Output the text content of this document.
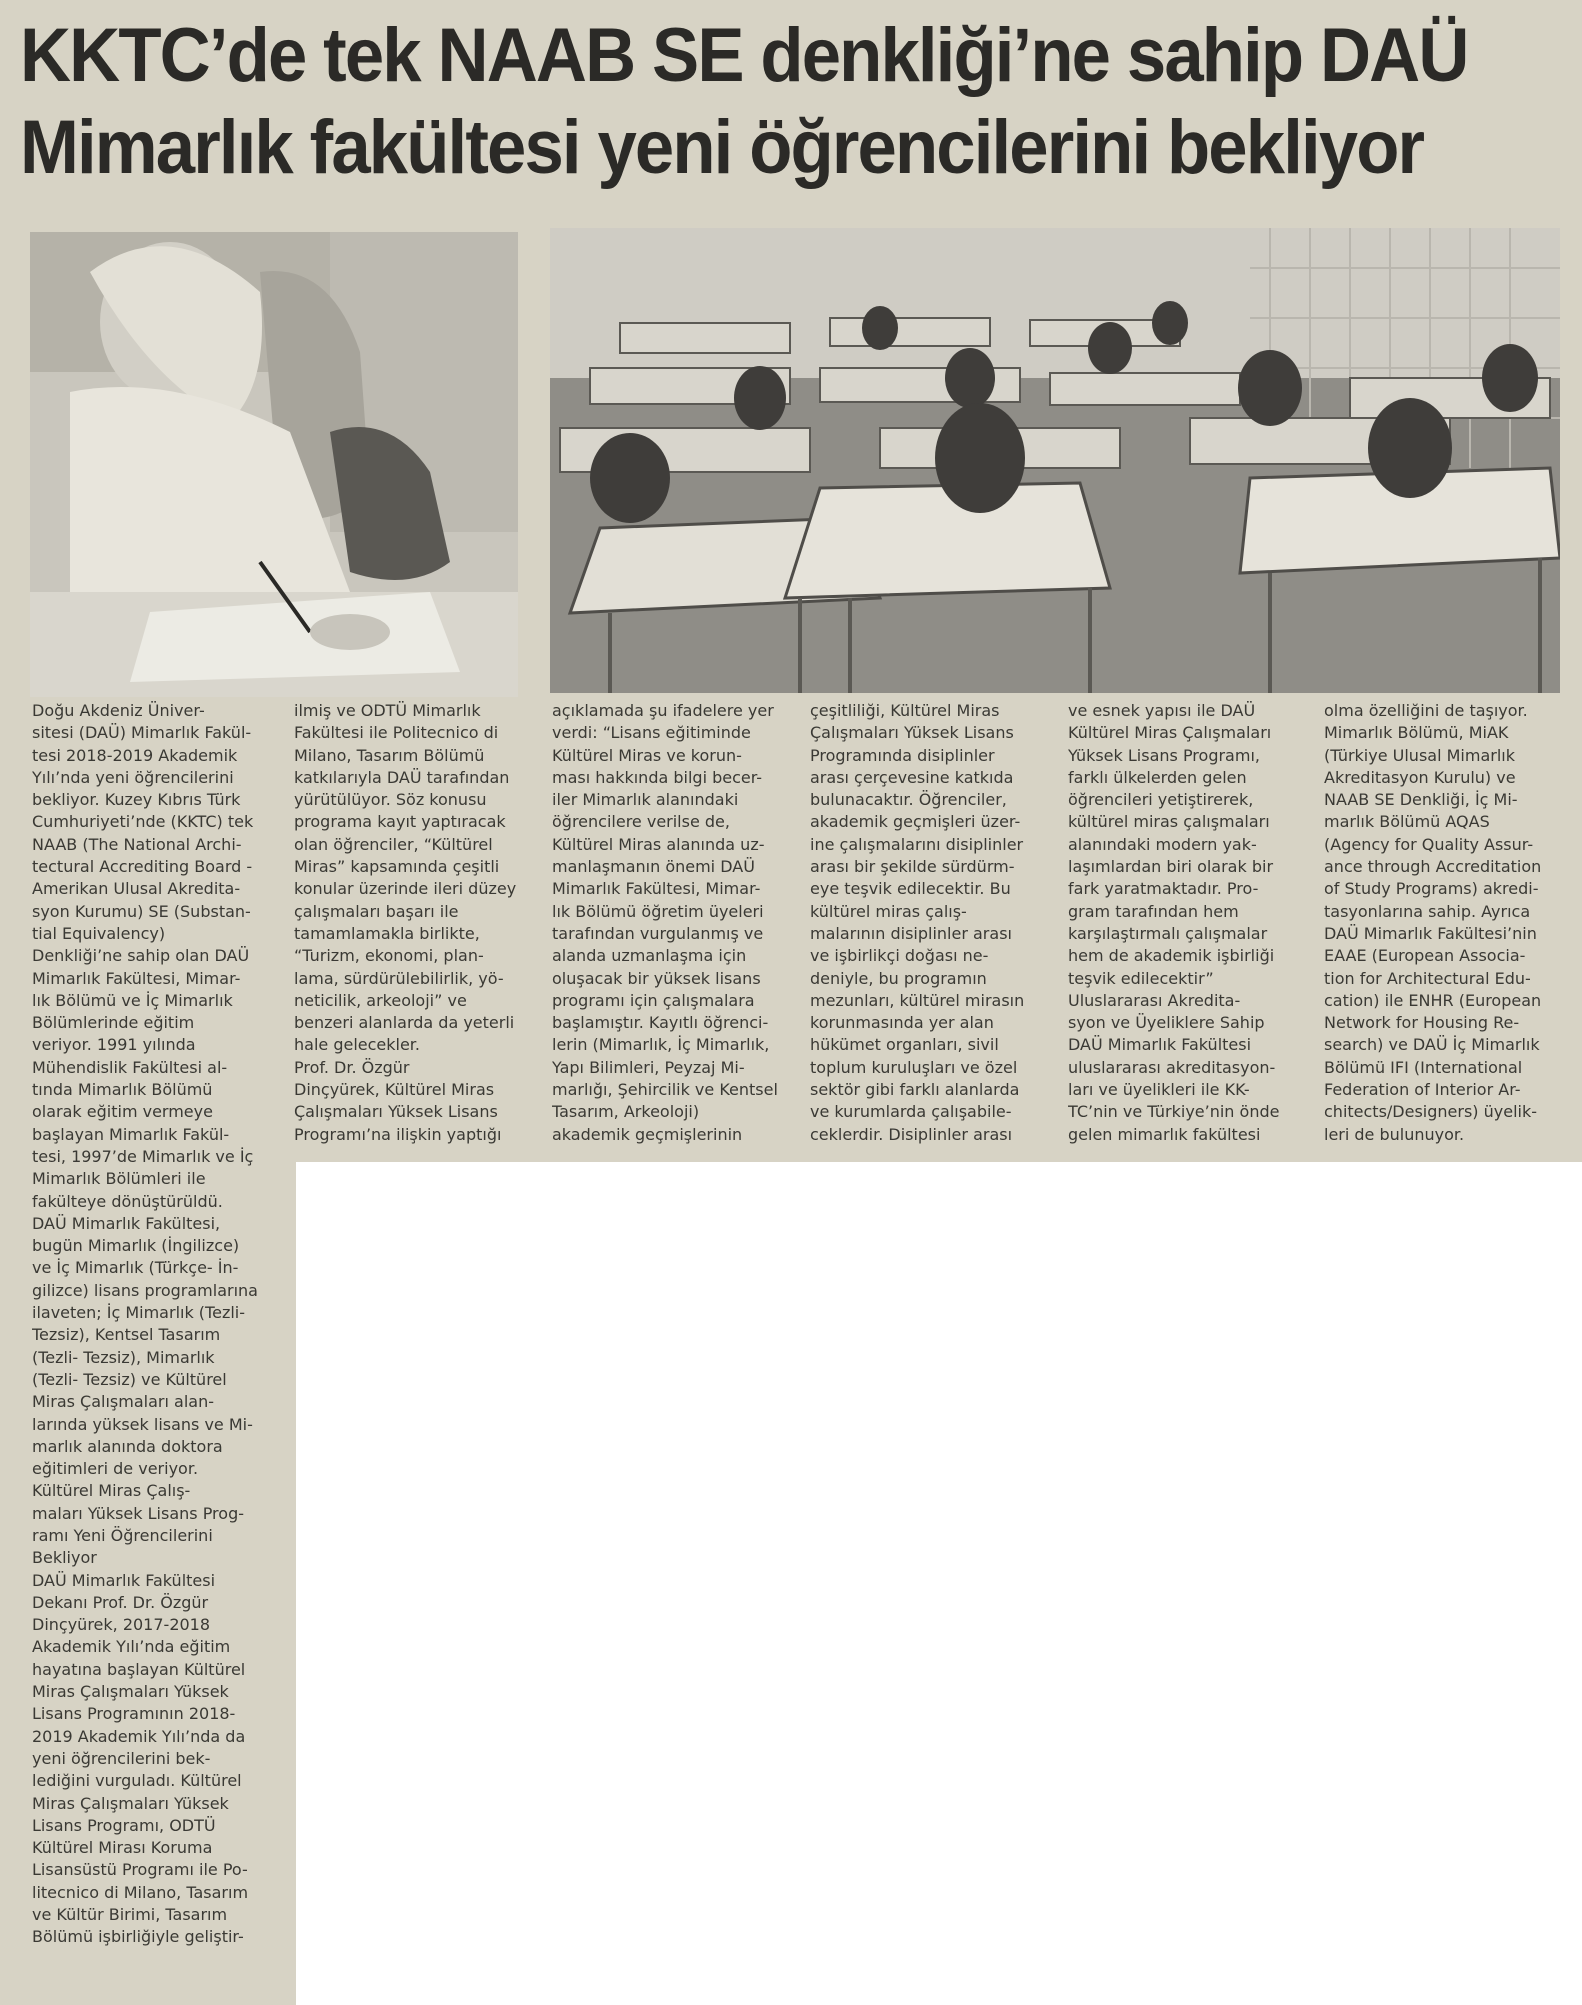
KKTC’de tek NAAB SE denkliği’ne sahip DAÜ
Mimarlık fakültesi yeni öğrencilerini bekliyor
Doğu Akdeniz Üniver-
sitesi (DAÜ) Mimarlık Fakül-
tesi 2018-2019 Akademik
Yılı’nda yeni öğrencilerini
bekliyor. Kuzey Kıbrıs Türk
Cumhuriyeti’nde (KKTC) tek
NAAB (The National Archi-
tectural Accrediting Board -
Amerikan Ulusal Akredita-
syon Kurumu) SE (Substan-
tial Equivalency)
Denkliği’ne sahip olan DAÜ
Mimarlık Fakültesi, Mimar-
lık Bölümü ve İç Mimarlık
Bölümlerinde eğitim
veriyor. 1991 yılında
Mühendislik Fakültesi al-
tında Mimarlık Bölümü
olarak eğitim vermeye
başlayan Mimarlık Fakül-
tesi, 1997’de Mimarlık ve İç
Mimarlık Bölümleri ile
fakülteye dönüştürüldü.
DAÜ Mimarlık Fakültesi,
bugün Mimarlık (İngilizce)
ve İç Mimarlık (Türkçe- İn-
gilizce) lisans programlarına
ilaveten; İç Mimarlık (Tezli-
Tezsiz), Kentsel Tasarım
(Tezli- Tezsiz), Mimarlık
(Tezli- Tezsiz) ve Kültürel
Miras Çalışmaları alan-
larında yüksek lisans ve Mi-
marlık alanında doktora
eğitimleri de veriyor.
Kültürel Miras Çalış-
maları Yüksek Lisans Prog-
ramı Yeni Öğrencilerini
Bekliyor
DAÜ Mimarlık Fakültesi
Dekanı Prof. Dr. Özgür
Dinçyürek, 2017-2018
Akademik Yılı’nda eğitim
hayatına başlayan Kültürel
Miras Çalışmaları Yüksek
Lisans Programının 2018-
2019 Akademik Yılı’nda da
yeni öğrencilerini bek-
lediğini vurguladı. Kültürel
Miras Çalışmaları Yüksek
Lisans Programı, ODTÜ
Kültürel Mirası Koruma
Lisansüstü Programı ile Po-
litecnico di Milano, Tasarım
ve Kültür Birimi, Tasarım
Bölümü işbirliğiyle geliştir-
ilmiş ve ODTÜ Mimarlık
Fakültesi ile Politecnico di
Milano, Tasarım Bölümü
katkılarıyla DAÜ tarafından
yürütülüyor. Söz konusu
programa kayıt yaptıracak
olan öğrenciler, “Kültürel
Miras” kapsamında çeşitli
konular üzerinde ileri düzey
çalışmaları başarı ile
tamamlamakla birlikte,
“Turizm, ekonomi, plan-
lama, sürdürülebilirlik, yö-
neticilik, arkeoloji” ve
benzeri alanlarda da yeterli
hale gelecekler.
Prof. Dr. Özgür
Dinçyürek, Kültürel Miras
Çalışmaları Yüksek Lisans
Programı’na ilişkin yaptığı
açıklamada şu ifadelere yer
verdi: “Lisans eğitiminde
Kültürel Miras ve korun-
ması hakkında bilgi becer-
iler Mimarlık alanındaki
öğrencilere verilse de,
Kültürel Miras alanında uz-
manlaşmanın önemi DAÜ
Mimarlık Fakültesi, Mimar-
lık Bölümü öğretim üyeleri
tarafından vurgulanmış ve
alanda uzmanlaşma için
oluşacak bir yüksek lisans
programı için çalışmalara
başlamıştır. Kayıtlı öğrenci-
lerin (Mimarlık, İç Mimarlık,
Yapı Bilimleri, Peyzaj Mi-
marlığı, Şehircilik ve Kentsel
Tasarım, Arkeoloji)
akademik geçmişlerinin
çeşitliliği, Kültürel Miras
Çalışmaları Yüksek Lisans
Programında disiplinler
arası çerçevesine katkıda
bulunacaktır. Öğrenciler,
akademik geçmişleri üzer-
ine çalışmalarını disiplinler
arası bir şekilde sürdürm-
eye teşvik edilecektir. Bu
kültürel miras çalış-
malarının disiplinler arası
ve işbirlikçi doğası ne-
deniyle, bu programın
mezunları, kültürel mirasın
korunmasında yer alan
hükümet organları, sivil
toplum kuruluşları ve özel
sektör gibi farklı alanlarda
ve kurumlarda çalışabile-
ceklerdir. Disiplinler arası
ve esnek yapısı ile DAÜ
Kültürel Miras Çalışmaları
Yüksek Lisans Programı,
farklı ülkelerden gelen
öğrencileri yetiştirerek,
kültürel miras çalışmaları
alanındaki modern yak-
laşımlardan biri olarak bir
fark yaratmaktadır. Pro-
gram tarafından hem
karşılaştırmalı çalışmalar
hem de akademik işbirliği
teşvik edilecektir”
Uluslararası Akredita-
syon ve Üyeliklere Sahip
DAÜ Mimarlık Fakültesi
uluslararası akreditasyon-
ları ve üyelikleri ile KK-
TC’nin ve Türkiye’nin önde
gelen mimarlık fakültesi
olma özelliğini de taşıyor.
Mimarlık Bölümü, MiAK
(Türkiye Ulusal Mimarlık
Akreditasyon Kurulu) ve
NAAB SE Denkliği, İç Mi-
marlık Bölümü AQAS
(Agency for Quality Assur-
ance through Accreditation
of Study Programs) akredi-
tasyonlarına sahip. Ayrıca
DAÜ Mimarlık Fakültesi’nin
EAAE (European Associa-
tion for Architectural Edu-
cation) ile ENHR (European
Network for Housing Re-
search) ve DAÜ İç Mimarlık
Bölümü IFI (International
Federation of Interior Ar-
chitects/Designers) üyelik-
leri de bulunuyor.
